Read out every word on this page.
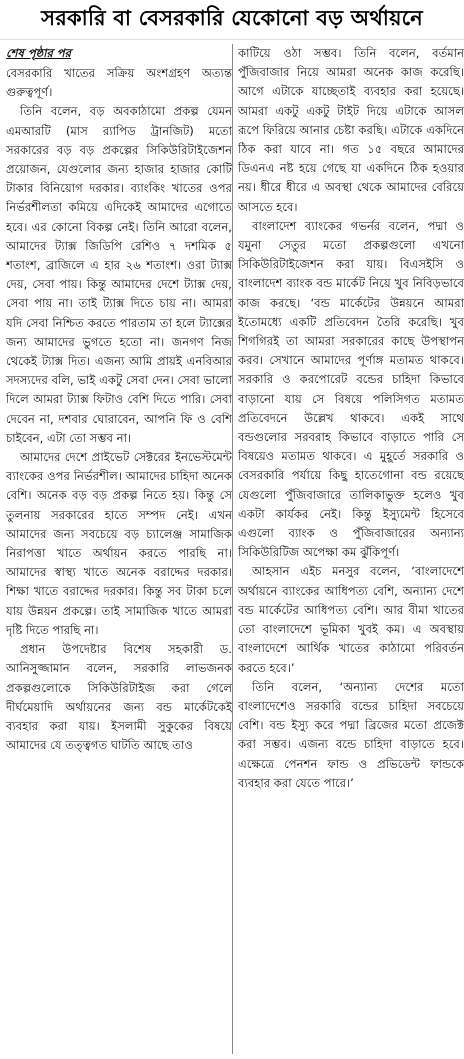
সরকারি বা বেসরকারি যেকোনো বড় অর্থায়নে
শেষ পৃষ্ঠার পর

বেসরকারি খাতের সক্রিয় অংশগ্রহণ অত্যন্ত গুরুত্বপূর্ণ।

তিনি বলেন, বড় অবকাঠামো প্রকল্প যেমন এমআরটি (মাস র‍্যাপিড ট্রানজিট) মতো সরকারের বড় বড় প্রকল্পের সিকিউরিটাইজেশন প্রয়োজন, যেগুলোর জন্য হাজার হাজার কোটি টাকার বিনিয়োগ দরকার। ব্যাংকিং খাতের ওপর নির্ভরশীলতা কমিয়ে এদিকেই আমাদের এগোতে হবে। এর কোনো বিকল্প নেই। তিনি আরো বলেন, আমাদের ট্যাক্স জিডিপি রেশিও ৭ দশমিক ৫ শতাংশ, ব্রাজিলে এ হার ২৬ শতাংশ। ওরা ট্যাক্স দেয়, সেবা পায়। কিন্তু আমাদের দেশে ট্যাক্স দেয়, সেবা পায় না। তাই ট্যাক্স দিতে চায় না। আমরা যদি সেবা নিশ্চিত করতে পারতাম তা হলে ট্যাক্সের জন্য আমাদের ভুগতে হতো না। জনগণ নিজ থেকেই ট্যাক্স দিত। এজন্য আমি প্রায়ই এনবিআর সদস্যদের বলি, ভাই একটু সেবা দেন। সেবা ভালো দিলে আমরা ট্যাক্স ফিটাও বেশি দিতে পারি। সেবা দেবেন না, দশবার ঘোরাবেন, আপনি ফি ও বেশি চাইবেন, এটা তো সম্ভব না।

আমাদের দেশে প্রাইভেট সেক্টরের ইনভেস্টমেন্ট ব্যাংকের ওপর নির্ভরশীল। আমাদের চাহিদা অনেক বেশি। অনেক বড় বড় প্রকল্প নিতে হয়। কিন্তু সে তুলনায় সরকারের হাতে সম্পদ নেই। এখন আমাদের জন্য সবচেয়ে বড় চ্যালেঞ্জ সামাজিক নিরাপত্তা খাতে অর্থায়ন করতে পারছি না। আমাদের স্বাস্থ্য খাতে অনেক বরাদ্দের দরকার। শিক্ষা খাতে বরাদ্দের দরকার। কিন্তু সব টাকা চলে যায় উন্নয়ন প্রকল্পে। তাই সামাজিক খাতে আমরা দৃষ্টি দিতে পারছি না।

প্রধান উপদেষ্টার বিশেষ সহকারী ড. আনিসুজ্জামান বলেন, সরকারি লাভজনক প্রকল্পগুলোকে সিকিউরিটাইজ করা গেলে দীর্ঘমেয়াদি অর্থায়নের জন্য বন্ড মার্কেটকেই ব্যবহার করা যায়। ইসলামী সুকুকের বিষয়ে আমাদের যে তত্ত্বগত ঘাটতি আছে তাও

কাটিয়ে ওঠা সম্ভব। তিনি বলেন, বর্তমান পুঁজিবাজার নিয়ে আমরা অনেক কাজ করেছি। আগে এটাকে যাচ্ছেতাই ব্যবহার করা হয়েছে। আমরা একটু একটু টাইট দিয়ে এটাকে আসল রূপে ফিরিয়ে আনার চেষ্টা করছি। এটাকে একদিনে ঠিক করা যাবে না। গত ১৫ বছরে আমাদের ডিএনএ নষ্ট হয়ে গেছে যা একদিনে ঠিক হওয়ার নয়। ধীরে ধীরে এ অবস্থা থেকে আমাদের বেরিয়ে আসতে হবে।

বাংলাদেশ ব্যাংকের গভর্নর বলেন, পদ্মা ও যমুনা সেতুর মতো প্রকল্পগুলো এখনো সিকিউরিটাইজেশন করা যায়। বিএসইসি ও বাংলাদেশ ব্যাংক বন্ড মার্কেট নিয়ে খুব নিবিড়ভাবে কাজ করছে। ‘বন্ড মার্কেটের উন্নয়নে আমরা ইতোমধ্যে একটি প্রতিবেদন তৈরি করেছি। খুব শিগগিরই তা আমরা সরকারের কাছে উপস্থাপন করব। সেখানে আমাদের পূর্ণাঙ্গ মতামত থাকবে। সরকারি ও করপোরেট বন্ডের চাহিদা কিভাবে বাড়ানো যায় সে বিষয়ে পলিসিগত মতামত প্রতিবেদনে উল্লেখ থাকবে। একই সাথে বন্ডগুলোর সরবরাহ কিভাবে বাড়াতে পারি সে বিষয়েও মতামত থাকবে। এ মুহূর্তে সরকারি ও বেসরকারি পর্যায়ে কিছু হাতেগোনা বন্ড রয়েছে যেগুলো পুঁজিবাজারে তালিকাভুক্ত হলেও খুব একটা কার্যকর নেই। কিন্তু ইস্যুমেন্ট হিসেবে এগুলো ব্যাংক ও পুঁজিবাজারের অন্যান্য সিকিউরিটিজ অপেক্ষা কম ঝুঁকিপূর্ণ।

আহসান এইচ মনসুর বলেন, ‘বাংলাদেশে অর্থায়নে ব্যাংকের আধিপত্য বেশি, অন্যান্য দেশে বন্ড মার্কেটের আধিপত্য বেশি। আর বীমা খাতের তো বাংলাদেশে ভূমিকা খুবই কম। এ অবস্থায় বাংলাদেশে আর্থিক খাতের কাঠামো পরিবর্তন করতে হবে।’

তিনি বলেন, ‘অন্যান্য দেশের মতো বাংলাদেশেও সরকারি বন্ডের চাহিদা সবচেয়ে বেশি। বন্ড ইস্যু করে পদ্মা ব্রিজের মতো প্রজেক্ট করা সম্ভব। এজন্য বন্ডে চাহিদা বাড়াতে হবে। এক্ষেত্রে পেনশন ফান্ড ও প্রভিডেন্ট ফান্ডকে ব্যবহার করা যেতে পারে।’
